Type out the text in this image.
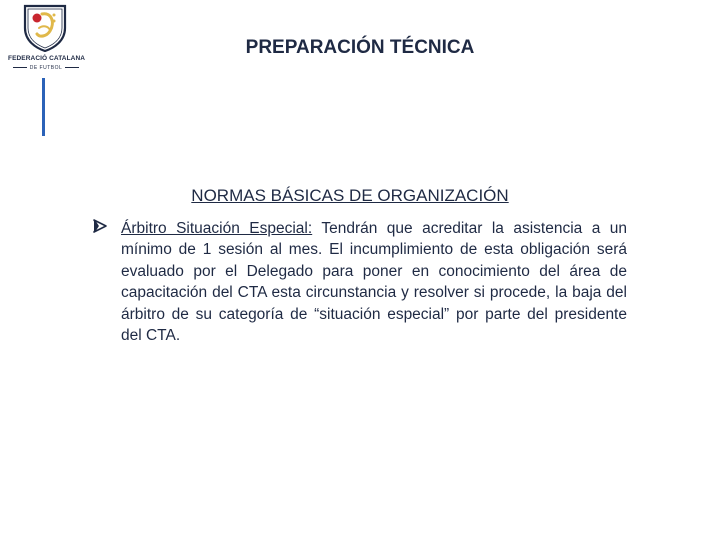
FEDERACIÓ CATALANA
DE FUTBOL
PREPARACIÓN TÉCNICA
NORMAS BÁSICAS DE ORGANIZACIÓN
Árbitro Situación Especial: Tendrán que acreditar la asistencia a un mínimo de 1 sesión al mes. El incumplimiento de esta obligación será evaluado por el Delegado para poner en conocimiento del área de capacitación del CTA esta circunstancia y resolver si procede, la baja del árbitro de su categoría de “situación especial” por parte del presidente del CTA.
